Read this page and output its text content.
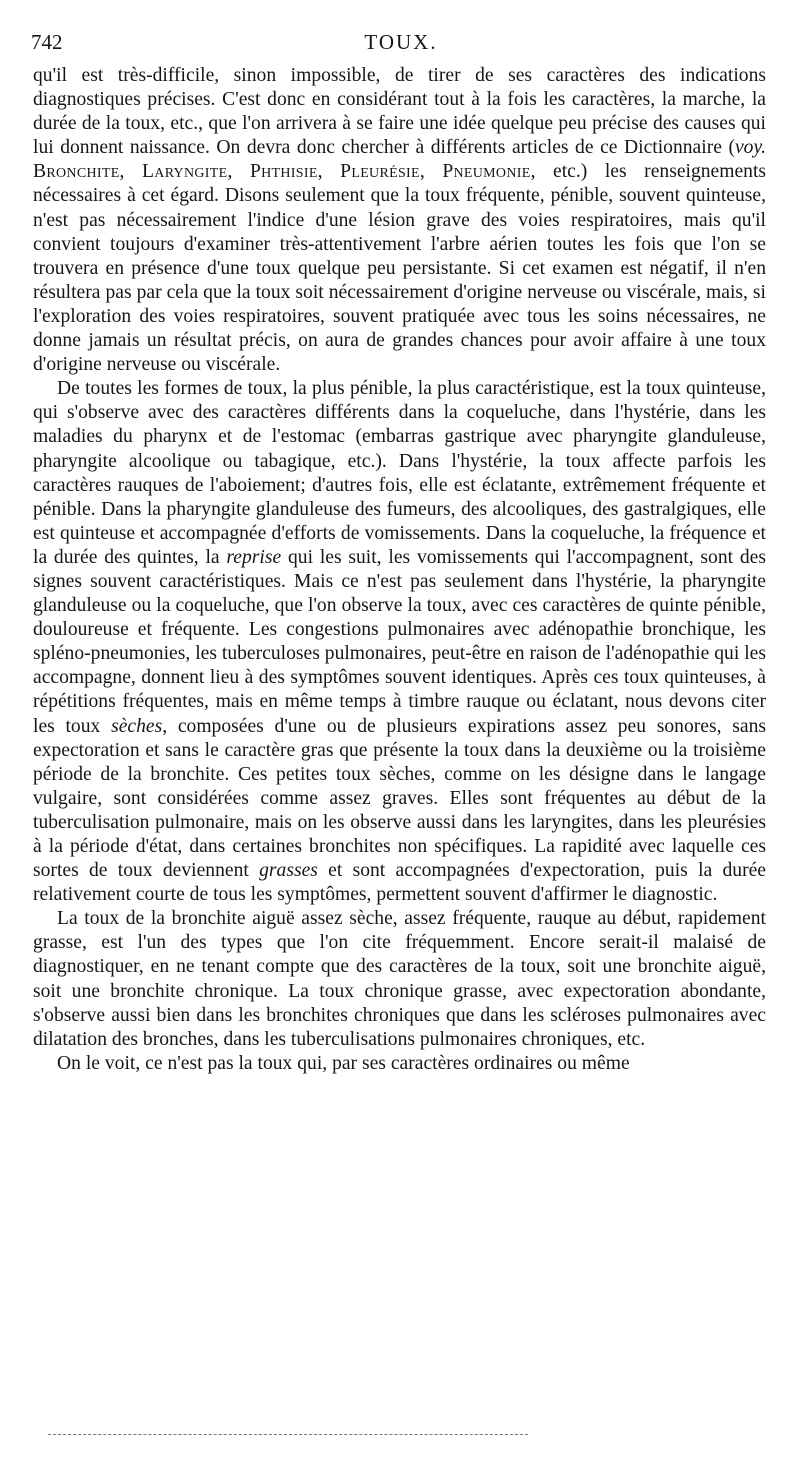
742	TOUX.

qu'il est très-difficile, sinon impossible, de tirer de ses caractères des indications diagnostiques précises. C'est donc en considérant tout à la fois les caractères, la marche, la durée de la toux, etc., que l'on arrivera à se faire une idée quelque peu précise des causes qui lui donnent naissance. On devra donc chercher à différents articles de ce Dictionnaire (voy. Bronchite, Laryngite, Phthisie, Pleurésie, Pneumonie, etc.) les renseignements nécessaires à cet égard. Disons seulement que la toux fréquente, pénible, souvent quinteuse, n'est pas nécessairement l'indice d'une lésion grave des voies respiratoires, mais qu'il convient toujours d'examiner très-attentivement l'arbre aérien toutes les fois que l'on se trouvera en présence d'une toux quelque peu persistante. Si cet examen est négatif, il n'en résultera pas par cela que la toux soit nécessairement d'origine nerveuse ou viscérale, mais, si l'exploration des voies respiratoires, souvent pratiquée avec tous les soins nécessaires, ne donne jamais un résultat précis, on aura de grandes chances pour avoir affaire à une toux d'origine nerveuse ou viscérale.

De toutes les formes de toux, la plus pénible, la plus caractéristique, est la toux quinteuse, qui s'observe avec des caractères différents dans la coqueluche, dans l'hystérie, dans les maladies du pharynx et de l'estomac (embarras gastrique avec pharyngite glanduleuse, pharyngite alcoolique ou tabagique, etc.). Dans l'hystérie, la toux affecte parfois les caractères rauques de l'aboiement; d'autres fois, elle est éclatante, extrêmement fréquente et pénible. Dans la pharyngite glanduleuse des fumeurs, des alcooliques, des gastralgiques, elle est quinteuse et accompagnée d'efforts de vomissements. Dans la coqueluche, la fréquence et la durée des quintes, la reprise qui les suit, les vomissements qui l'accompagnent, sont des signes souvent caractéristiques. Mais ce n'est pas seulement dans l'hystérie, la pharyngite glanduleuse ou la coqueluche, que l'on observe la toux, avec ces caractères de quinte pénible, douloureuse et fréquente. Les congestions pulmonaires avec adénopathie bronchique, les spléno-pneumonies, les tuberculoses pulmonaires, peut-être en raison de l'adénopathie qui les accompagne, donnent lieu à des symptômes souvent identiques. Après ces toux quinteuses, à répétitions fréquentes, mais en même temps à timbre rauque ou éclatant, nous devons citer les toux sèches, composées d'une ou de plusieurs expirations assez peu sonores, sans expectoration et sans le caractère gras que présente la toux dans la deuxième ou la troisième période de la bronchite. Ces petites toux sèches, comme on les désigne dans le langage vulgaire, sont considérées comme assez graves. Elles sont fréquentes au début de la tuberculisation pulmonaire, mais on les observe aussi dans les laryngites, dans les pleurésies à la période d'état, dans certaines bronchites non spécifiques. La rapidité avec laquelle ces sortes de toux deviennent grasses et sont accompagnées d'expectoration, puis la durée relativement courte de tous les symptômes, permettent souvent d'affirmer le diagnostic.

La toux de la bronchite aiguë assez sèche, assez fréquente, rauque au début, rapidement grasse, est l'un des types que l'on cite fréquemment. Encore serait-il malaisé de diagnostiquer, en ne tenant compte que des caractères de la toux, soit une bronchite aiguë, soit une bronchite chronique. La toux chronique grasse, avec expectoration abondante, s'observe aussi bien dans les bronchites chroniques que dans les scléroses pulmonaires avec dilatation des bronches, dans les tuberculisations pulmonaires chroniques, etc.

On le voit, ce n'est pas la toux qui, par ses caractères ordinaires ou même
